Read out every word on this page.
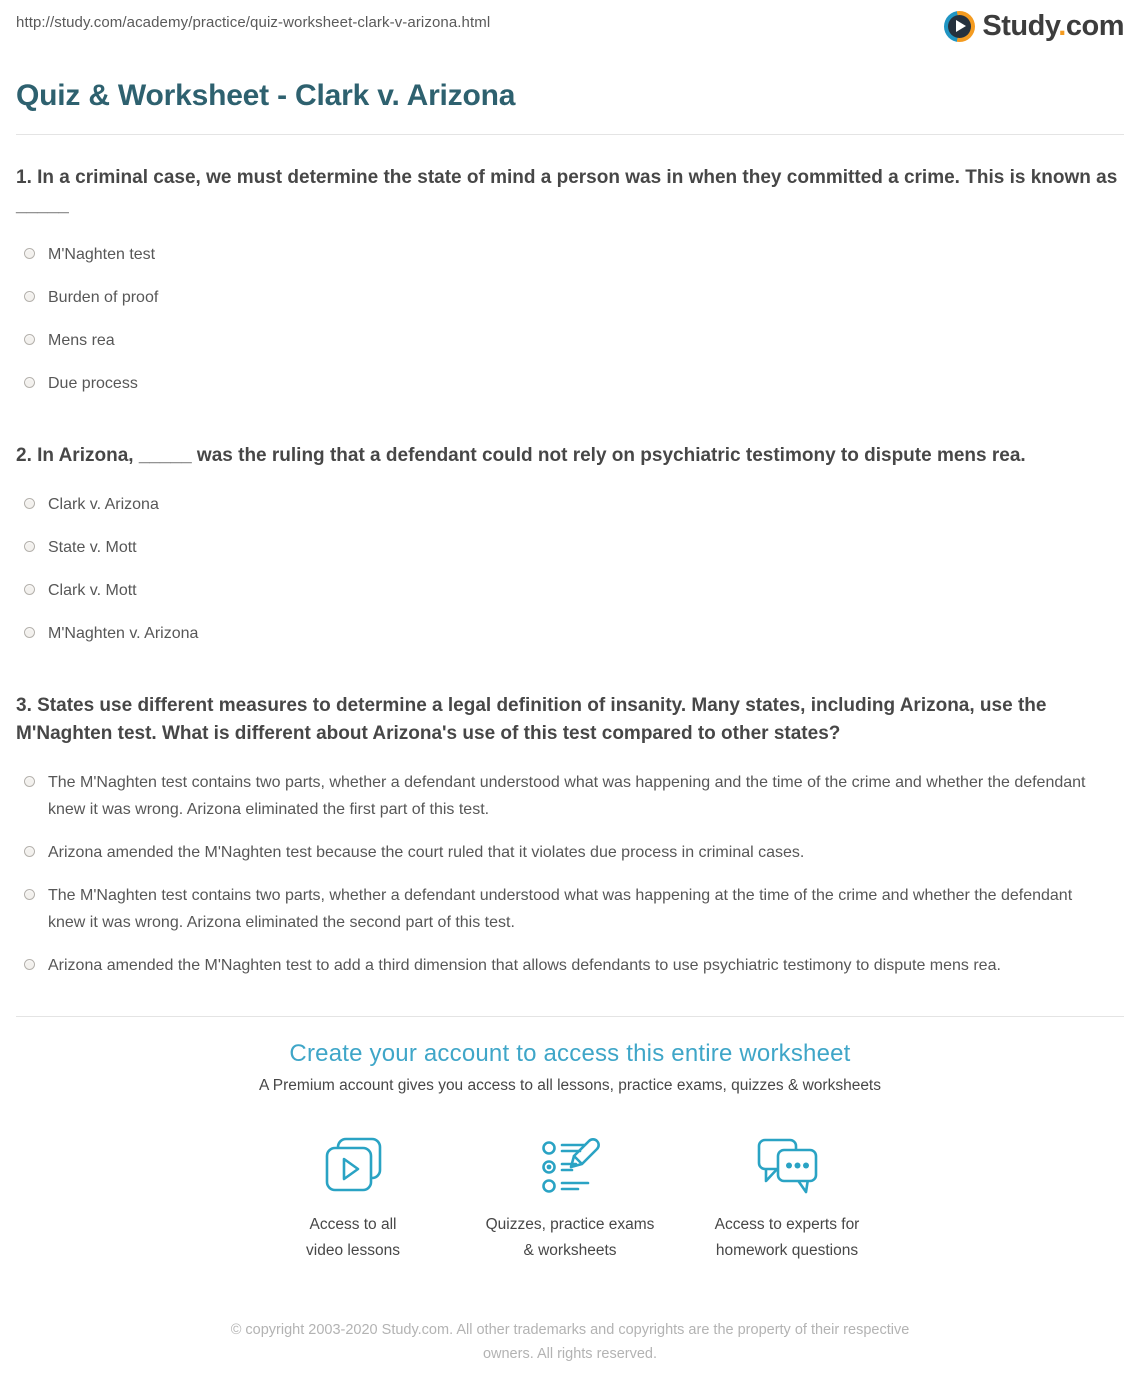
http://study.com/academy/practice/quiz-worksheet-clark-v-arizona.html	Study.com
Quiz & Worksheet - Clark v. Arizona

1. In a criminal case, we must determine the state of mind a person was in when they committed a crime. This is known as _____

M'Naghten test
Burden of proof
Mens rea
Due process

2. In Arizona, _____ was the ruling that a defendant could not rely on psychiatric testimony to dispute mens rea.

Clark v. Arizona
State v. Mott
Clark v. Mott
M'Naghten v. Arizona

3. States use different measures to determine a legal definition of insanity. Many states, including Arizona, use the M'Naghten test. What is different about Arizona's use of this test compared to other states?

The M'Naghten test contains two parts, whether a defendant understood what was happening and the time of the crime and whether the defendant knew it was wrong. Arizona eliminated the first part of this test.
Arizona amended the M'Naghten test because the court ruled that it violates due process in criminal cases.
The M'Naghten test contains two parts, whether a defendant understood what was happening at the time of the crime and whether the defendant knew it was wrong. Arizona eliminated the second part of this test.
Arizona amended the M'Naghten test to add a third dimension that allows defendants to use psychiatric testimony to dispute mens rea.
Create your account to access this entire worksheet

A Premium account gives you access to all lessons, practice exams, quizzes & worksheets

Access to all
video lessons
Quizzes, practice exams
& worksheets
Access to experts for
homework questions

© copyright 2003-2020 Study.com. All other trademarks and copyrights are the property of their respective owners. All rights reserved.
